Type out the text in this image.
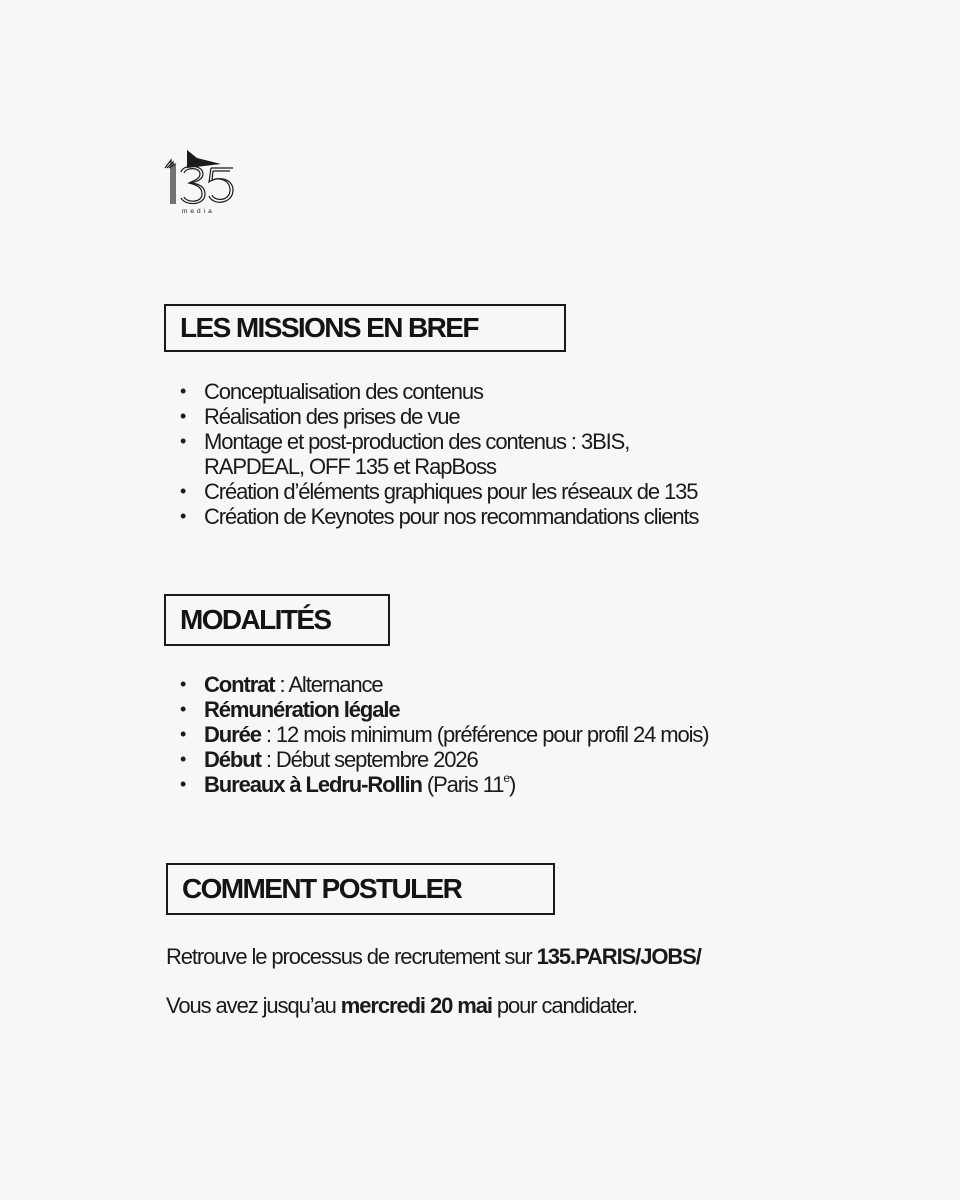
media
LES MISSIONS EN BREF
• Conceptualisation des contenus
• Réalisation des prises de vue
• Montage et post-production des contenus : 3BIS,
RAPDEAL, OFF 135 et RapBoss
• Création d’éléments graphiques pour les réseaux de 135
• Création de Keynotes pour nos recommandations clients
MODALITÉS
• Contrat : Alternance
• Rémunération légale
• Durée : 12 mois minimum (préférence pour profil 24 mois)
• Début : Début septembre 2026
• Bureaux à Ledru-Rollin (Paris 11e)
COMMENT POSTULER
Retrouve le processus de recrutement sur 135.PARIS/JOBS/
Vous avez jusqu’au mercredi 20 mai pour candidater.
